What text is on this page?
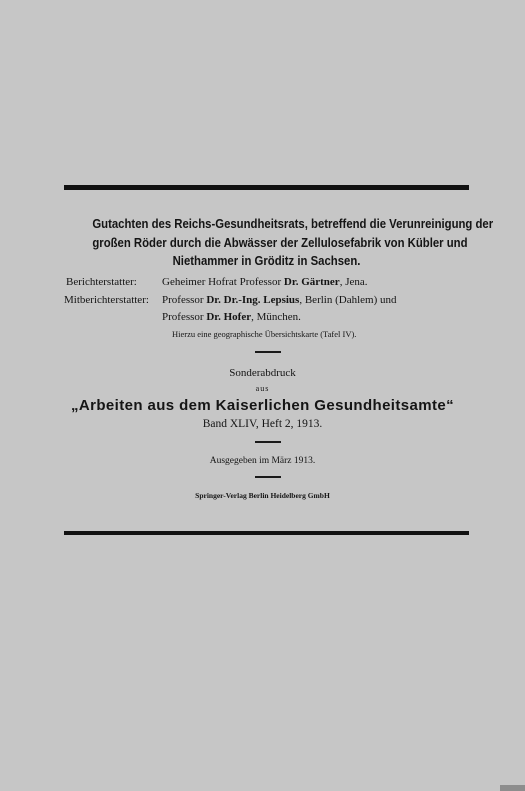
Gutachten des Reichs-Gesundheitsrats, betreffend die Verunreinigung der
großen Röder durch die Abwässer der Zellulosefabrik von Kübler und
Niethammer in Gröditz in Sachsen.
Berichterstatter: Geheimer Hofrat Professor Dr. Gärtner, Jena.
Mitberichterstatter: Professor Dr. Dr.-Ing. Lepsius, Berlin (Dahlem) und
Professor Dr. Hofer, München.
Hierzu eine geographische Übersichtskarte (Tafel IV).
Sonderabdruck
aus
„Arbeiten aus dem Kaiserlichen Gesundheitsamte“
Band XLIV, Heft 2, 1913.
Ausgegeben im März 1913.
Springer-Verlag Berlin Heidelberg GmbH
